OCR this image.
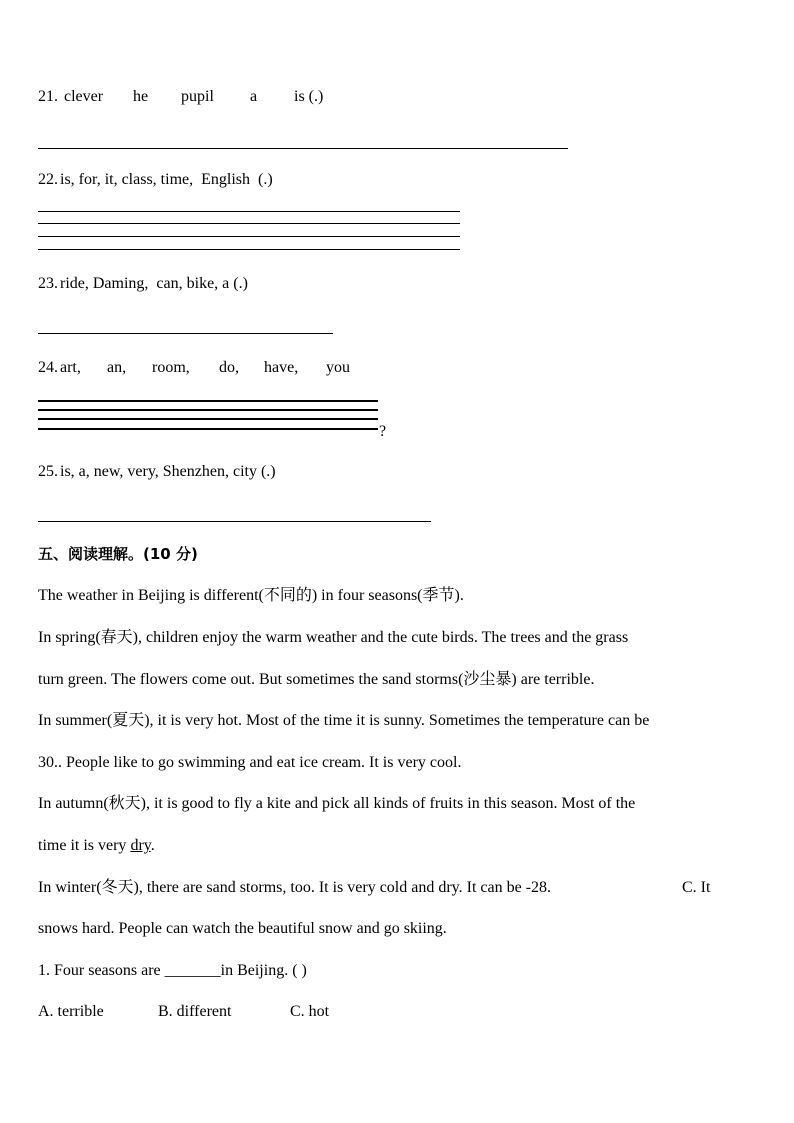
21. clever he pupil a is (.)
22. is, for, it, class, time,  English  (.)
23. ride, Daming,  can, bike, a (.)
24. art, an, room, do, have, you
?
25. is, a, new, very, Shenzhen, city (.)
五、阅读理解。(10 分)
The weather in Beijing is different(不同的) in four seasons(季节).
In spring(春天), children enjoy the warm weather and the cute birds. The trees and the grass
turn green. The flowers come out. But sometimes the sand storms(沙尘暴) are terrible.
In summer(夏天), it is very hot. Most of the time it is sunny. Sometimes the temperature can be
30.. People like to go swimming and eat ice cream. It is very cool.
In autumn(秋天), it is good to fly a kite and pick all kinds of fruits in this season. Most of the
time it is very dry.
In winter(冬天), there are sand storms, too. It is very cold and dry. It can be -28.	C. It
snows hard. People can watch the beautiful snow and go skiing.
1. Four seasons are _______in Beijing. ( )
A. terrible	B. different	C. hot
